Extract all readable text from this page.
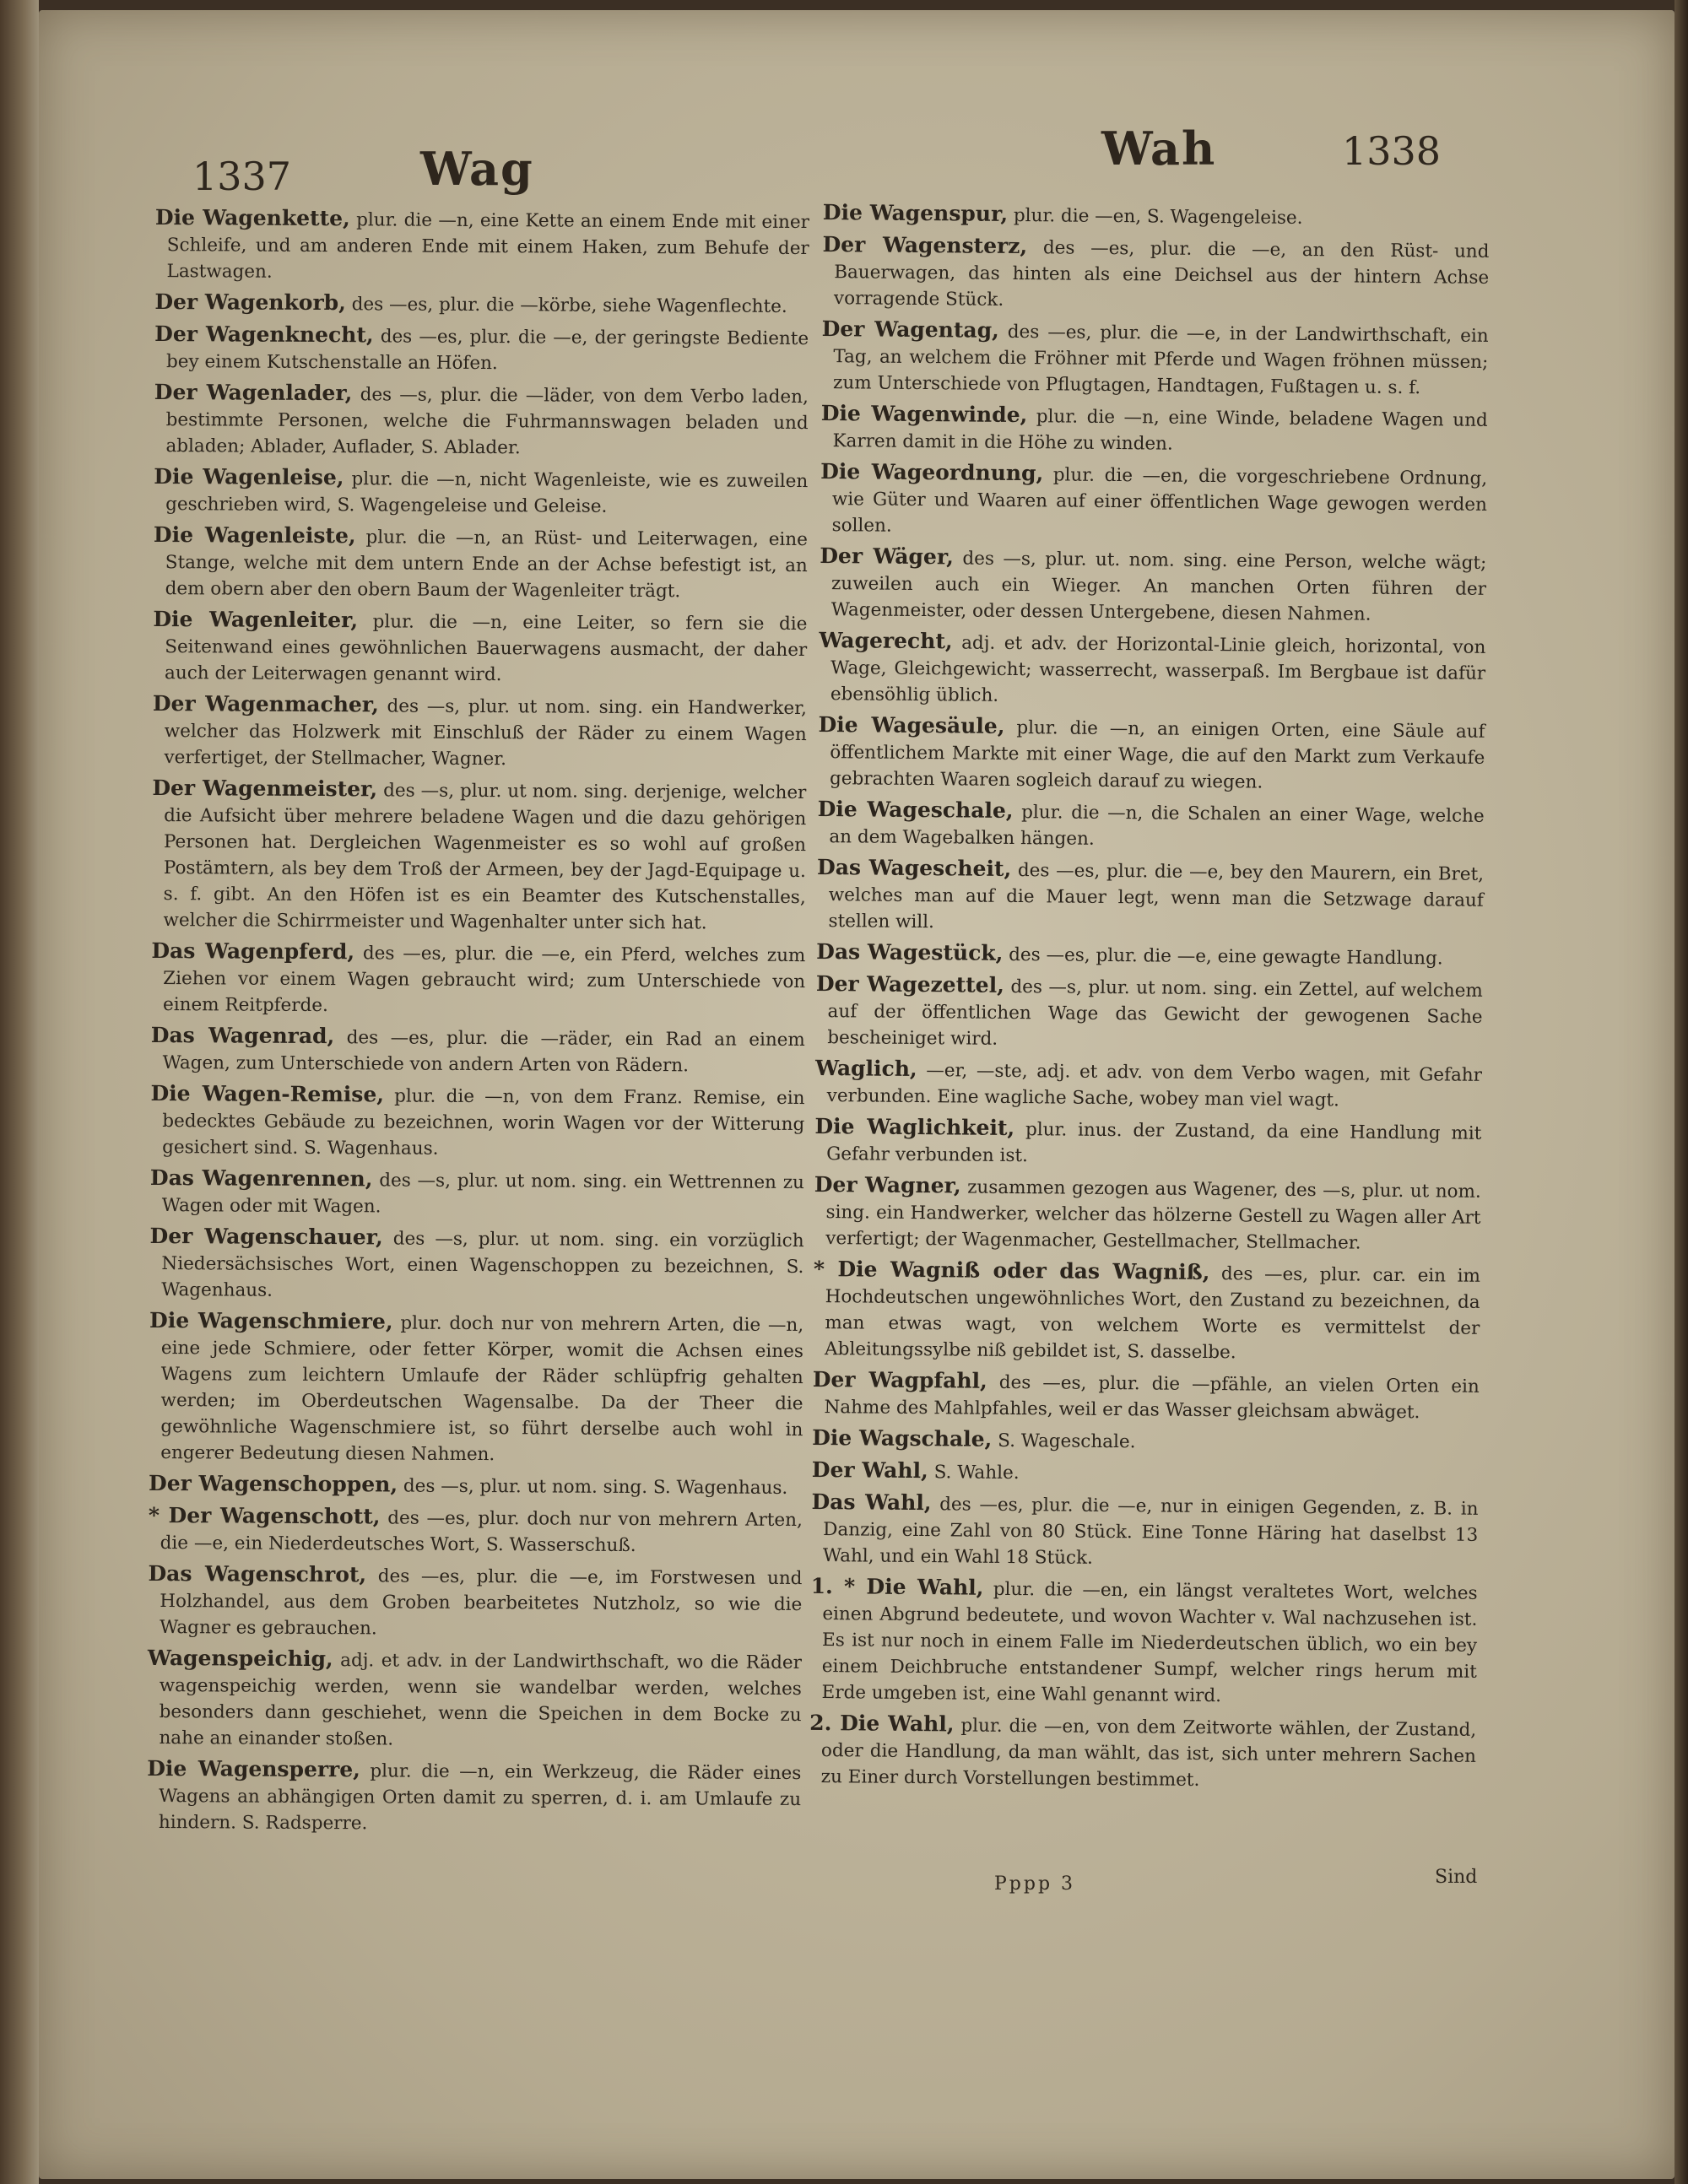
1337	Wag	Wah	1338
Die Wagenkette, plur. die —n, eine Kette an einem Ende mit einer Schleife, und am anderen Ende mit einem Haken, zum Behufe der Lastwagen.
Der Wagenkorb, des —es, plur. die —körbe, siehe Wagenflechte.
Der Wagenknecht, des —es, plur. die —e, der geringste Bediente bey einem Kutschenstalle an Höfen.
Der Wagenlader, des —s, plur. die —läder, von dem Verbo laden, bestimmte Personen, welche die Fuhrmannswagen beladen und abladen; Ablader, Auflader, S. Ablader.
Die Wagenleise, plur. die —n, nicht Wagenleiste, wie es zuweilen geschrieben wird, S. Wagengeleise und Geleise.
Die Wagenleiste, plur. die —n, an Rüst- und Leiterwagen, eine Stange, welche mit dem untern Ende an der Achse befestigt ist, an dem obern aber den obern Baum der Wagenleiter trägt.
Die Wagenleiter, plur. die —n, eine Leiter, so fern sie die Seitenwand eines gewöhnlichen Bauerwagens ausmacht, der daher auch der Leiterwagen genannt wird.
Der Wagenmacher, des —s, plur. ut nom. sing. ein Handwerker, welcher das Holzwerk mit Einschluß der Räder zu einem Wagen verfertiget, der Stellmacher, Wagner.
Der Wagenmeister, des —s, plur. ut nom. sing. derjenige, welcher die Aufsicht über mehrere beladene Wagen und die dazu gehörigen Personen hat. Dergleichen Wagenmeister es so wohl auf großen Postämtern, als bey dem Troß der Armeen, bey der Jagd-Equipage u. s. f. gibt. An den Höfen ist es ein Beamter des Kutschenstalles, welcher die Schirrmeister und Wagenhalter unter sich hat.
Das Wagenpferd, des —es, plur. die —e, ein Pferd, welches zum Ziehen vor einem Wagen gebraucht wird; zum Unterschiede von einem Reitpferde.
Das Wagenrad, des —es, plur. die —räder, ein Rad an einem Wagen, zum Unterschiede von andern Arten von Rädern.
Die Wagen-Remise, plur. die —n, von dem Franz. Remise, ein bedecktes Gebäude zu bezeichnen, worin Wagen vor der Witterung gesichert sind. S. Wagenhaus.
Das Wagenrennen, des —s, plur. ut nom. sing. ein Wettrennen zu Wagen oder mit Wagen.
Der Wagenschauer, des —s, plur. ut nom. sing. ein vorzüglich Niedersächsisches Wort, einen Wagenschoppen zu bezeichnen, S. Wagenhaus.
Die Wagenschmiere, plur. doch nur von mehrern Arten, die —n, eine jede Schmiere, oder fetter Körper, womit die Achsen eines Wagens zum leichtern Umlaufe der Räder schlüpfrig gehalten werden; im Oberdeutschen Wagensalbe. Da der Theer die gewöhnliche Wagenschmiere ist, so führt derselbe auch wohl in engerer Bedeutung diesen Nahmen.
Der Wagenschoppen, des —s, plur. ut nom. sing. S. Wagenhaus.
* Der Wagenschott, des —es, plur. doch nur von mehrern Arten, die —e, ein Niederdeutsches Wort, S. Wasserschuß.
Das Wagenschrot, des —es, plur. die —e, im Forstwesen und Holzhandel, aus dem Groben bearbeitetes Nutzholz, so wie die Wagner es gebrauchen.
Wagenspeichig, adj. et adv. in der Landwirthschaft, wo die Räder wagenspeichig werden, wenn sie wandelbar werden, welches besonders dann geschiehet, wenn die Speichen in dem Bocke zu nahe an einander stoßen.
Die Wagensperre, plur. die —n, ein Werkzeug, die Räder eines Wagens an abhängigen Orten damit zu sperren, d. i. am Umlaufe zu hindern. S. Radsperre.
Die Wagenspur, plur. die —en, S. Wagengeleise.
Der Wagensterz, des —es, plur. die —e, an den Rüst- und Bauerwagen, das hinten als eine Deichsel aus der hintern Achse vorragende Stück.
Der Wagentag, des —es, plur. die —e, in der Landwirthschaft, ein Tag, an welchem die Fröhner mit Pferde und Wagen fröhnen müssen; zum Unterschiede von Pflugtagen, Handtagen, Fußtagen u. s. f.
Die Wagenwinde, plur. die —n, eine Winde, beladene Wagen und Karren damit in die Höhe zu winden.
Die Wageordnung, plur. die —en, die vorgeschriebene Ordnung, wie Güter und Waaren auf einer öffentlichen Wage gewogen werden sollen.
Der Wäger, des —s, plur. ut. nom. sing. eine Person, welche wägt; zuweilen auch ein Wieger. An manchen Orten führen der Wagenmeister, oder dessen Untergebene, diesen Nahmen.
Wagerecht, adj. et adv. der Horizontal-Linie gleich, horizontal, von Wage, Gleichgewicht; wasserrecht, wasserpaß. Im Bergbaue ist dafür ebensöhlig üblich.
Die Wagesäule, plur. die —n, an einigen Orten, eine Säule auf öffentlichem Markte mit einer Wage, die auf den Markt zum Verkaufe gebrachten Waaren sogleich darauf zu wiegen.
Die Wageschale, plur. die —n, die Schalen an einer Wage, welche an dem Wagebalken hängen.
Das Wagescheit, des —es, plur. die —e, bey den Maurern, ein Bret, welches man auf die Mauer legt, wenn man die Setzwage darauf stellen will.
Das Wagestück, des —es, plur. die —e, eine gewagte Handlung.
Der Wagezettel, des —s, plur. ut nom. sing. ein Zettel, auf welchem auf der öffentlichen Wage das Gewicht der gewogenen Sache bescheiniget wird.
Waglich, —er, —ste, adj. et adv. von dem Verbo wagen, mit Gefahr verbunden. Eine wagliche Sache, wobey man viel wagt.
Die Waglichkeit, plur. inus. der Zustand, da eine Handlung mit Gefahr verbunden ist.
Der Wagner, zusammen gezogen aus Wagener, des —s, plur. ut nom. sing. ein Handwerker, welcher das hölzerne Gestell zu Wagen aller Art verfertigt; der Wagenmacher, Gestellmacher, Stellmacher.
* Die Wagniß oder das Wagniß, des —es, plur. car. ein im Hochdeutschen ungewöhnliches Wort, den Zustand zu bezeichnen, da man etwas wagt, von welchem Worte es vermittelst der Ableitungssylbe niß gebildet ist, S. dasselbe.
Der Wagpfahl, des —es, plur. die —pfähle, an vielen Orten ein Nahme des Mahlpfahles, weil er das Wasser gleichsam abwäget.
Die Wagschale, S. Wageschale.
Der Wahl, S. Wahle.
Das Wahl, des —es, plur. die —e, nur in einigen Gegenden, z. B. in Danzig, eine Zahl von 80 Stück. Eine Tonne Häring hat daselbst 13 Wahl, und ein Wahl 18 Stück.
1. * Die Wahl, plur. die —en, ein längst veraltetes Wort, welches einen Abgrund bedeutete, und wovon Wachter v. Wal nachzusehen ist. Es ist nur noch in einem Falle im Niederdeutschen üblich, wo ein bey einem Deichbruche entstandener Sumpf, welcher rings herum mit Erde umgeben ist, eine Wahl genannt wird.
2. Die Wahl, plur. die —en, von dem Zeitworte wählen, der Zustand, oder die Handlung, da man wählt, das ist, sich unter mehrern Sachen zu Einer durch Vorstellungen bestimmet.
Pppp 3	Sind
